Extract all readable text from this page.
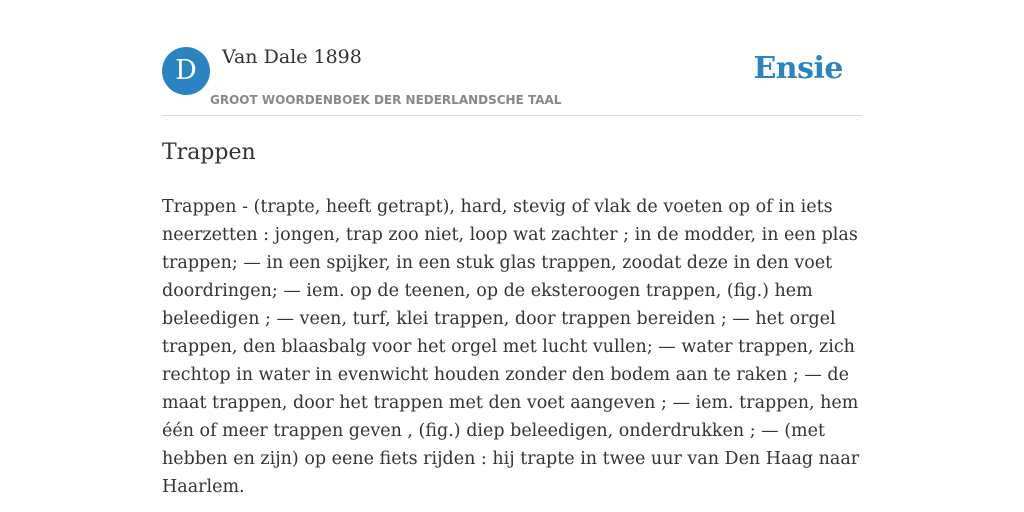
D	Van Dale 1898
GROOT WOORDENBOEK DER NEDERLANDSCHE TAAL
Ensie
Trappen
Trappen - (trapte, heeft getrapt), hard, stevig of vlak de voeten op of in iets
neerzetten : jongen, trap zoo niet, loop wat zachter ; in de modder, in een plas
trappen; — in een spijker, in een stuk glas trappen, zoodat deze in den voet
doordringen; — iem. op de teenen, op de eksteroogen trappen, (fig.) hem
beleedigen ; — veen, turf, klei trappen, door trappen bereiden ; — het orgel
trappen, den blaasbalg voor het orgel met lucht vullen; — water trappen, zich
rechtop in water in evenwicht houden zonder den bodem aan te raken ; — de
maat trappen, door het trappen met den voet aangeven ; — iem. trappen, hem
één of meer trappen geven , (fig.) diep beleedigen, onderdrukken ; — (met
hebben en zijn) op eene fiets rijden : hij trapte in twee uur van Den Haag naar
Haarlem.
